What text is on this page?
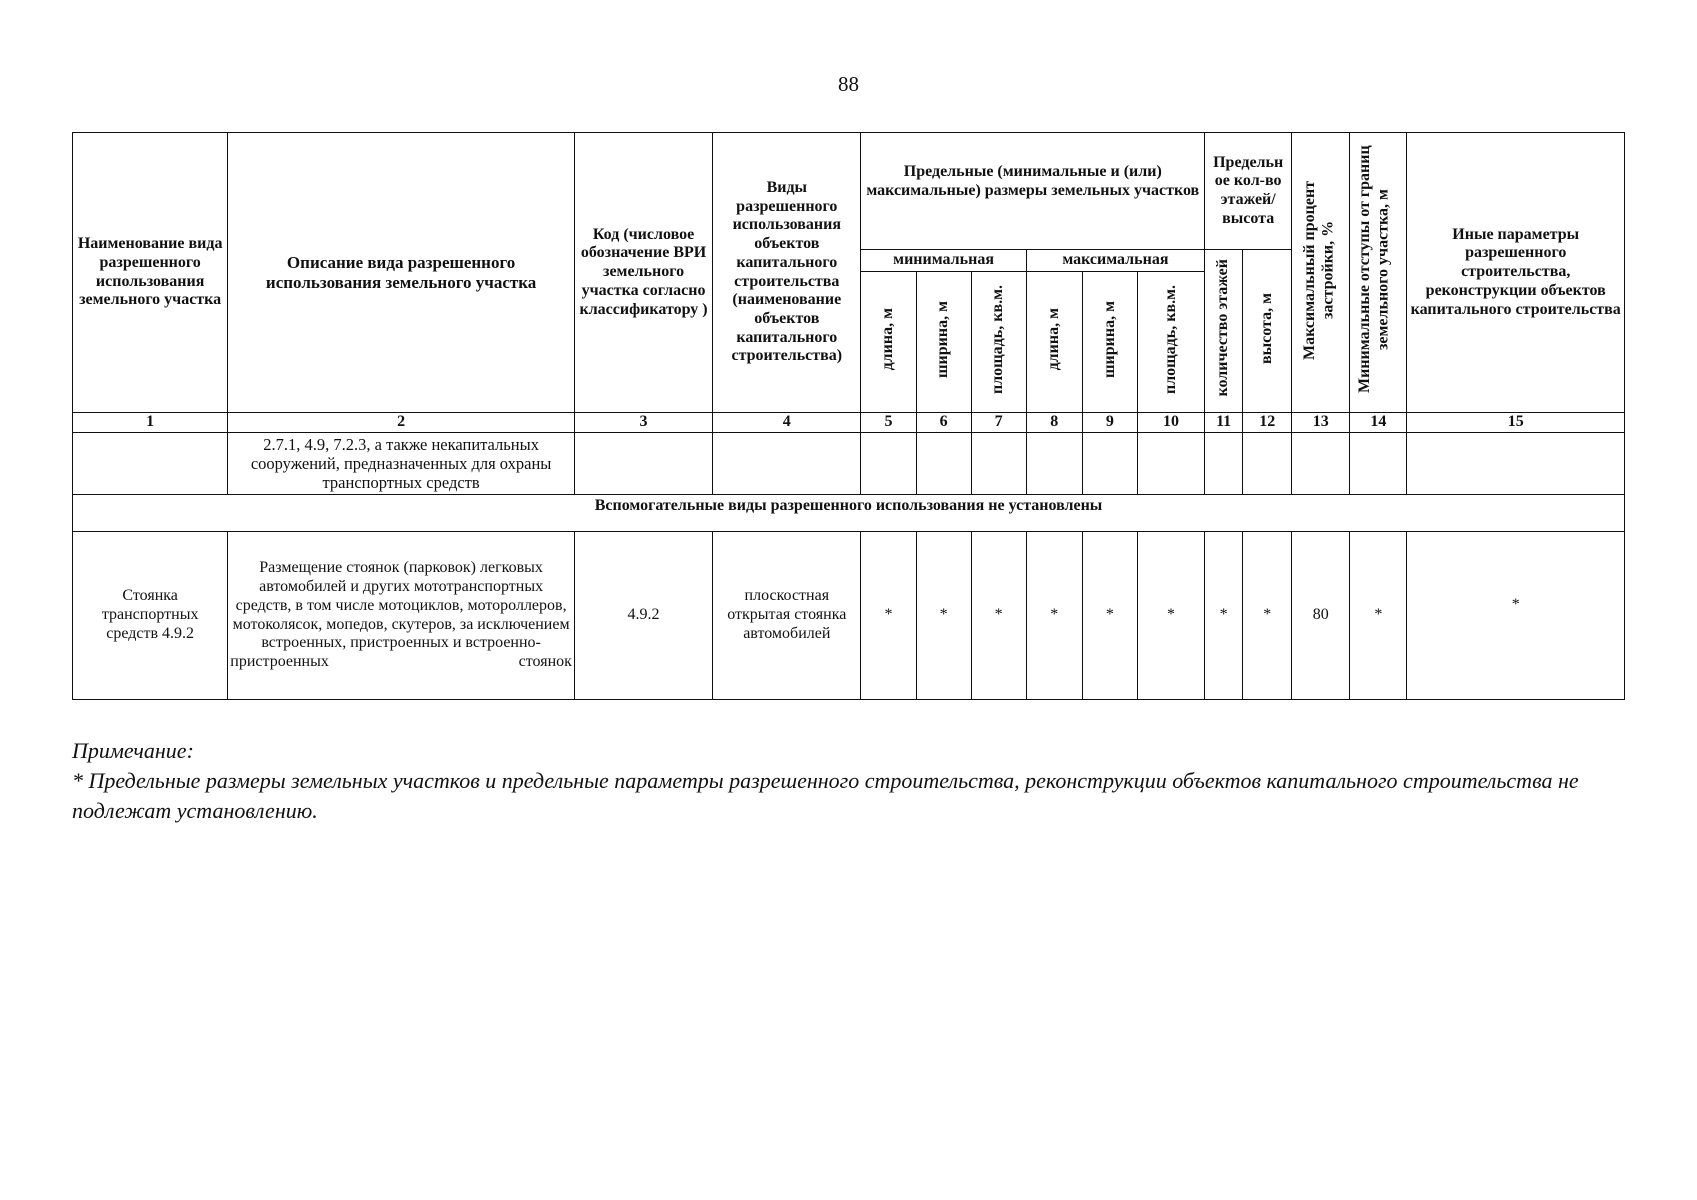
88
Наименование вида разрешенного использования земельного участка	Описание вида разрешенного использования земельного участка	Код (числовое обозначение ВРИ земельного участка согласно классификатору )	Виды разрешенного использования объектов капитального строительства (наименование объектов капитального строительства)	Предельные (минимальные и (или) максимальные) размеры земельных участков						Предельн ое кол-во этажей/ высота		Максимальный процент застройки, %	Минимальные отступы от границ земельного участка, м	Иные параметры разрешенного строительства, реконструкции объектов капитального строительства
				минимальная			максимальная			количество этажей	высота, м			
				длина, м	ширина, м	площадь, кв.м.	длина, м	ширина, м	площадь, кв.м.					
1	2	3	4	5	6	7	8	9	10	11	12	13	14	15
	2.7.1, 4.9, 7.2.3, а также некапитальных сооружений, предназначенных для охраны транспортных средств													
Вспомогательные виды разрешенного использования не установлены														
Стоянка транспортных средств 4.9.2	Размещение стоянок (парковок) легковых автомобилей и других мототранспортных средств, в том числе мотоциклов, мотороллеров, мотоколясок, мопедов, скутеров, за исключением встроенных, пристроенных и встроенно-пристроенных стоянок	4.9.2	плоскостная открытая стоянка автомобилей	*	*	*	*	*	*	*	*	80	*	*
Примечание:
* Предельные размеры земельных участков и предельные параметры разрешенного строительства, реконструкции объектов капитального строительства не подлежат установлению.
